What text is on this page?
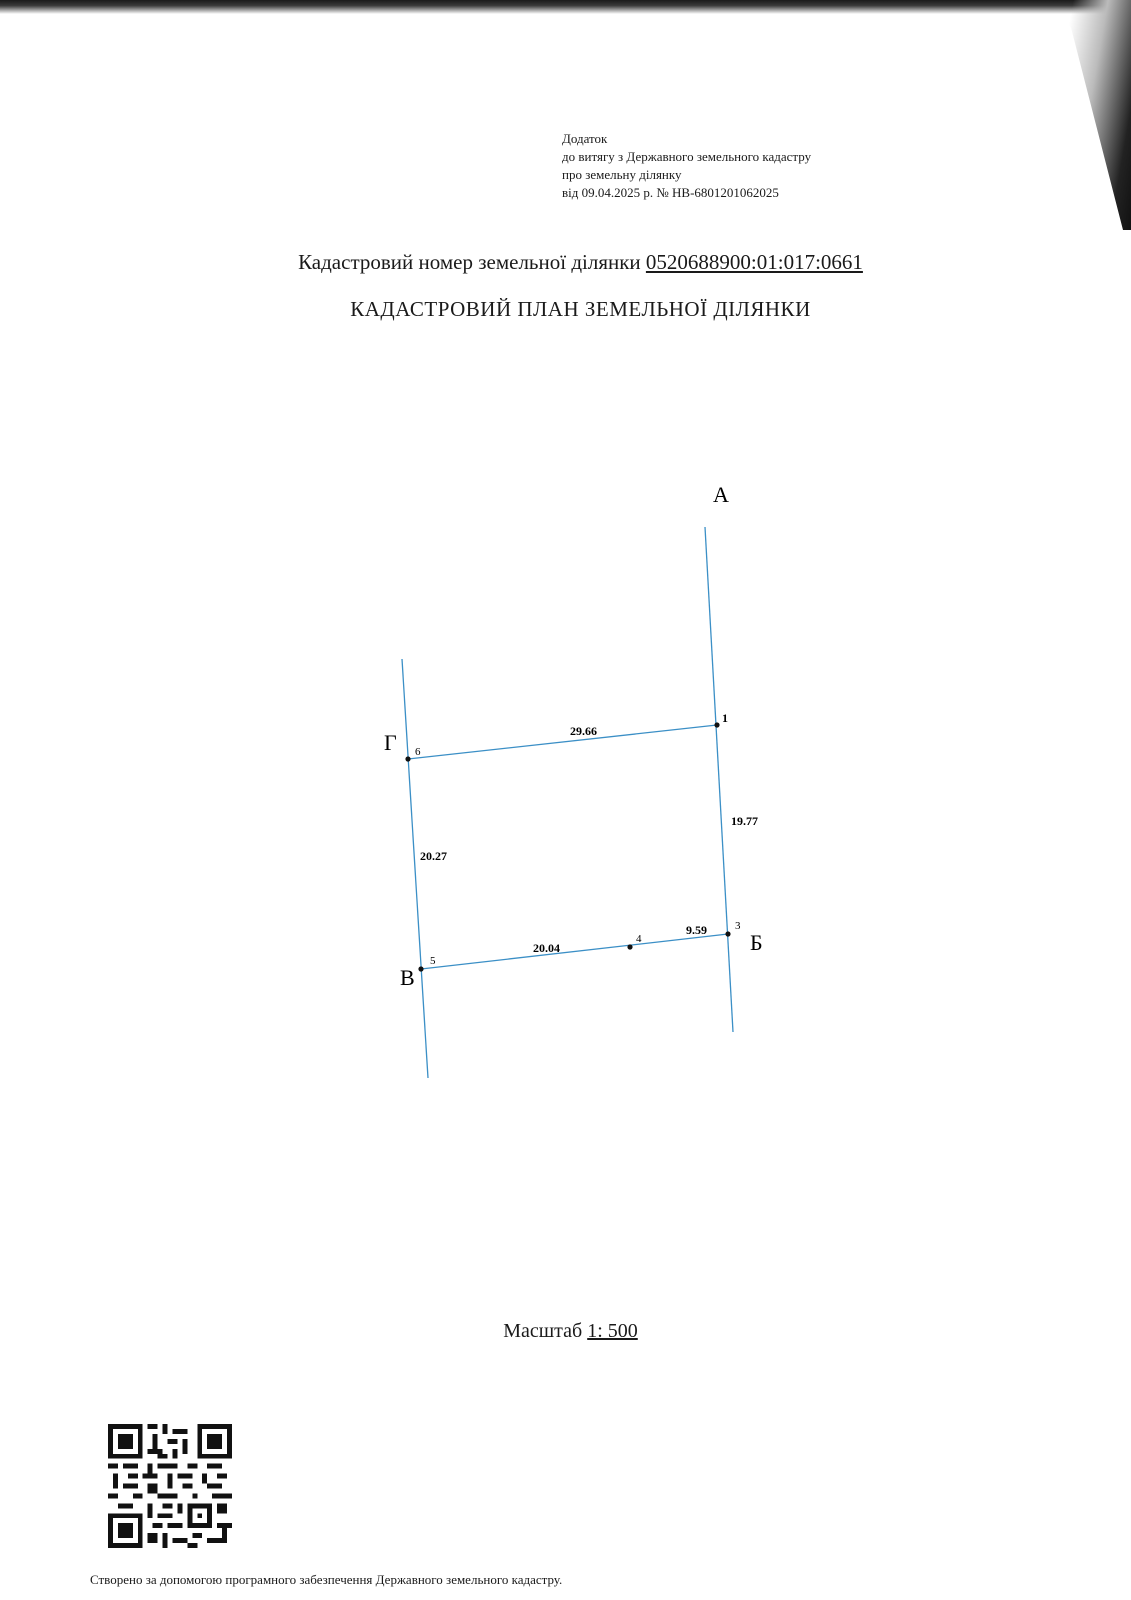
Додаток
до витягу з Державного земельного кадастру
про земельну ділянку
від 09.04.2025 р. № НВ-6801201062025
Кадастровий номер земельної ділянки 0520688900:01:017:0661
КАДАСТРОВИЙ ПЛАН ЗЕМЕЛЬНОЇ ДІЛЯНКИ
А
Б
В
Г 6
1
3
4
5
29.66
19.77
20.27
20.04
9.59
Масштаб 1: 500
Створено за допомогою програмного забезпечення Державного земельного кадастру.
